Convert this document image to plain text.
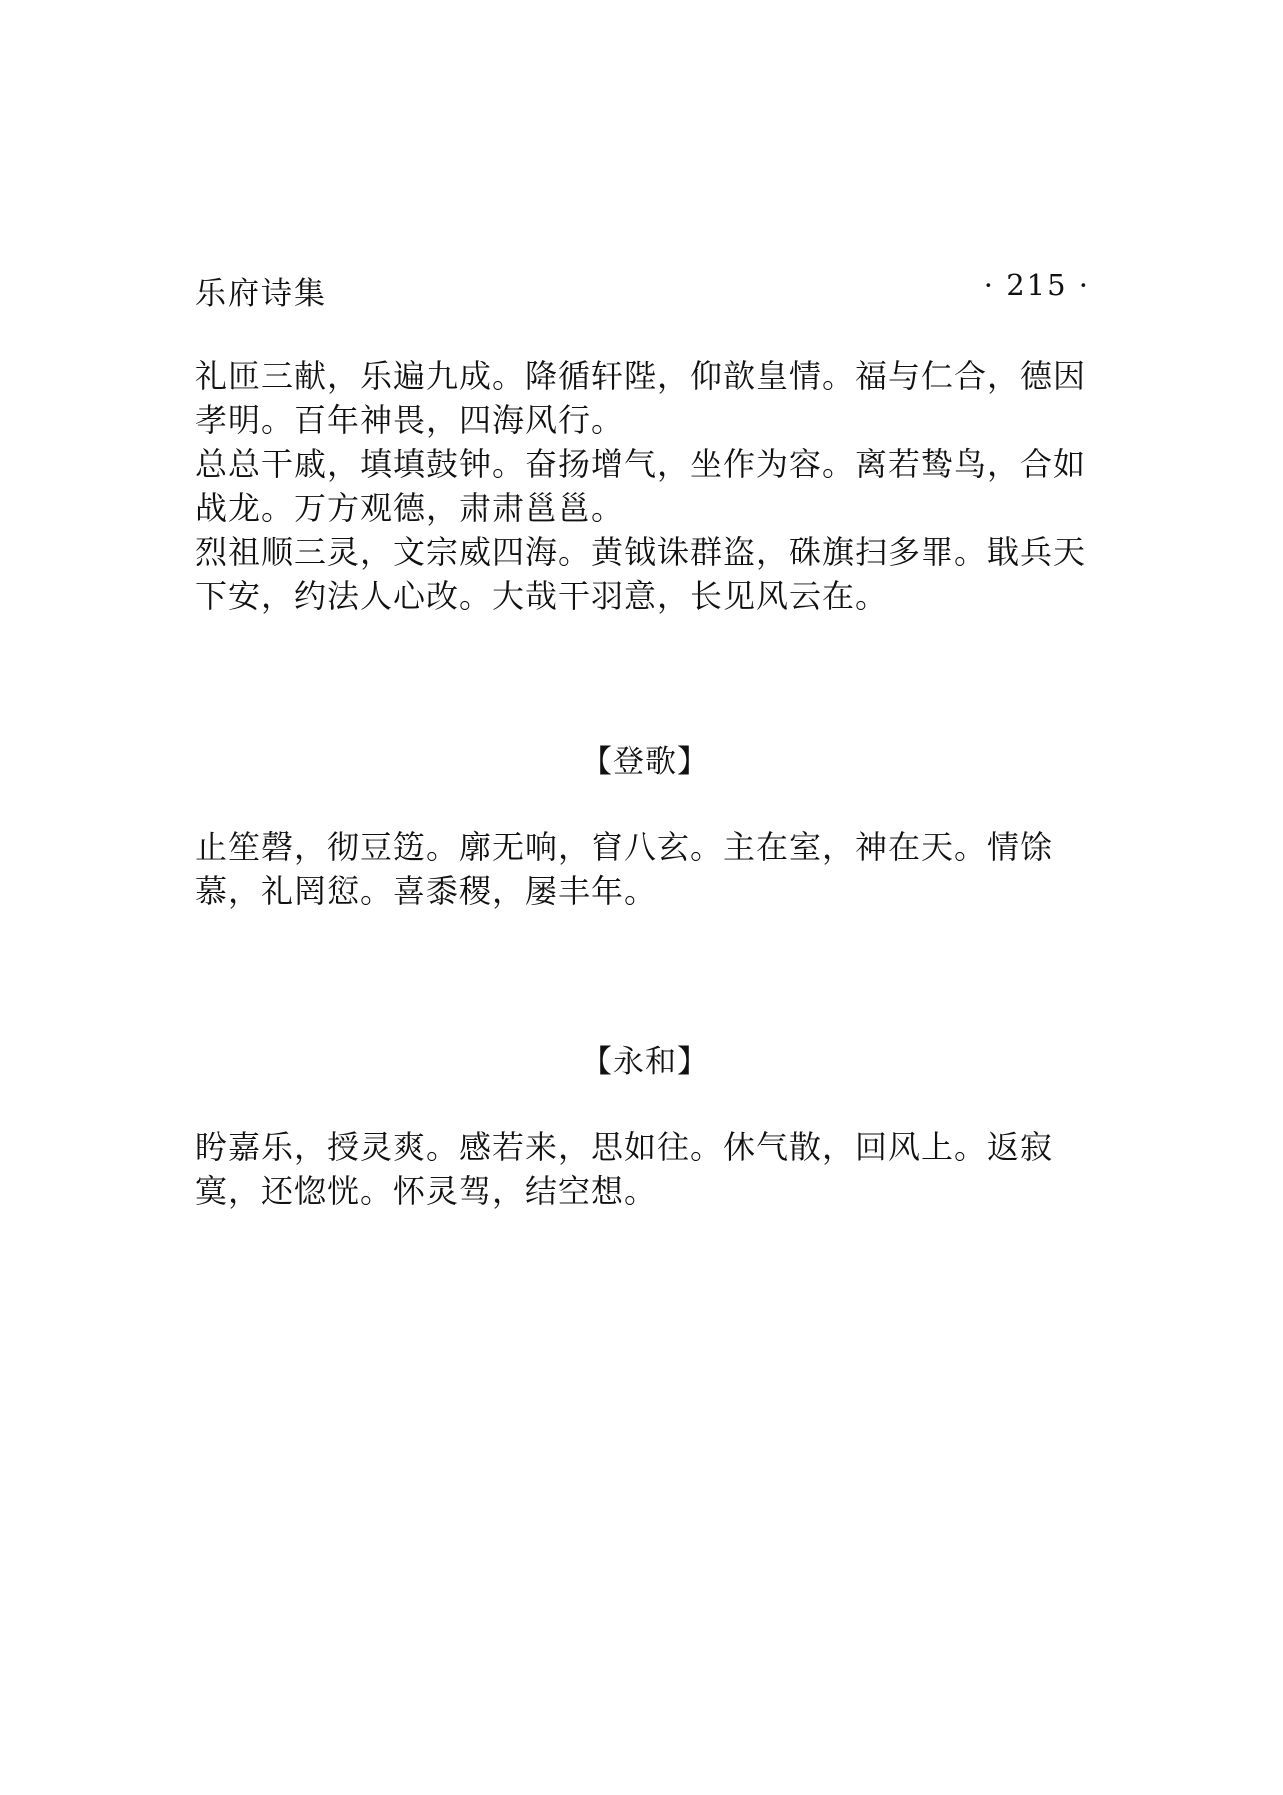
乐府诗集	· 215 ·

礼匝三献，乐遍九成。降循轩陛，仰歆皇情。福与仁合，德因孝明。百年神畏，四海风行。

总总干戚，填填鼓钟。奋扬增气，坐作为容。离若鸷鸟，合如战龙。万方观德，肃肃邕邕。

烈祖顺三灵，文宗威四海。黄钺诛群盗，硃旗扫多罪。戢兵天下安，约法人心改。大哉干羽意，长见风云在。

【登歌】

止笙磬，彻豆笾。廓无响，窅八玄。主在室，神在天。情馀慕，礼罔愆。喜黍稷，屡丰年。

【永和】

盻嘉乐，授灵爽。感若来，思如往。休气散，回风上。返寂寞，还惚恍。怀灵驾，结空想。
